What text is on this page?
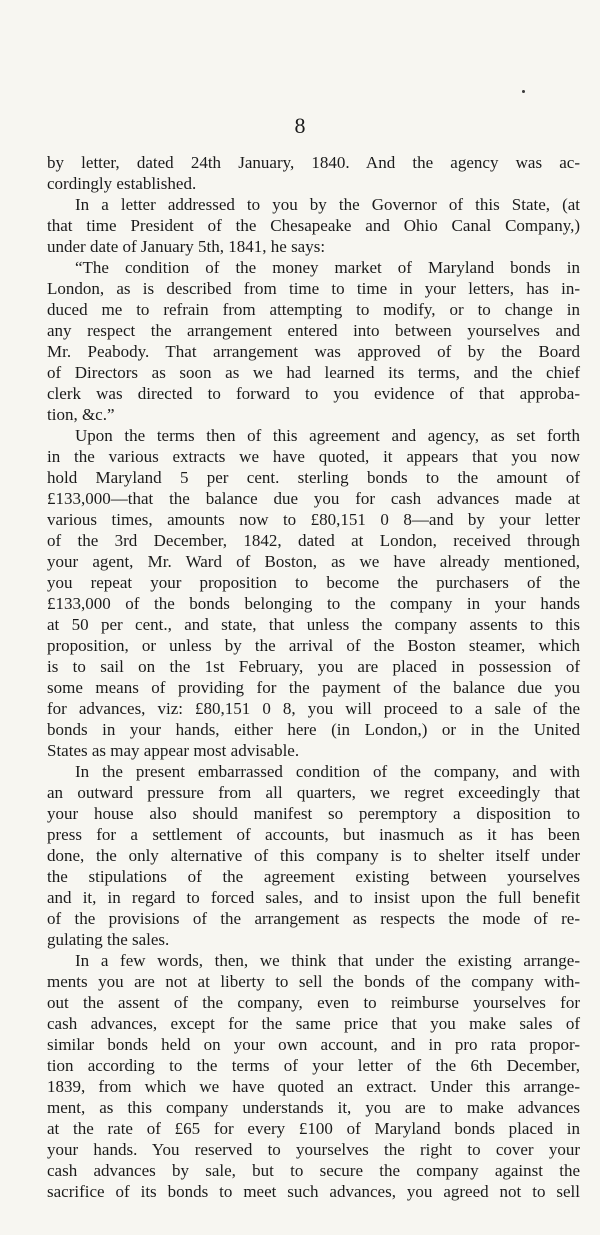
8
by letter, dated 24th January, 1840. And the agency was ac-
cordingly established.
In a letter addressed to you by the Governor of this State, (at
that time President of the Chesapeake and Ohio Canal Company,)
under date of January 5th, 1841, he says:
“The condition of the money market of Maryland bonds in
London, as is described from time to time in your letters, has in-
duced me to refrain from attempting to modify, or to change in
any respect the arrangement entered into between yourselves and
Mr. Peabody. That arrangement was approved of by the Board
of Directors as soon as we had learned its terms, and the chief
clerk was directed to forward to you evidence of that approba-
tion, &c.”
Upon the terms then of this agreement and agency, as set forth
in the various extracts we have quoted, it appears that you now
hold Maryland 5 per cent. sterling bonds to the amount of
£133,000—that the balance due you for cash advances made at
various times, amounts now to £80,151 0 8—and by your letter
of the 3rd December, 1842, dated at London, received through
your agent, Mr. Ward of Boston, as we have already mentioned,
you repeat your proposition to become the purchasers of the
£133,000 of the bonds belonging to the company in your hands
at 50 per cent., and state, that unless the company assents to this
proposition, or unless by the arrival of the Boston steamer, which
is to sail on the 1st February, you are placed in possession of
some means of providing for the payment of the balance due you
for advances, viz: £80,151 0 8, you will proceed to a sale of the
bonds in your hands, either here (in London,) or in the United
States as may appear most advisable.
In the present embarrassed condition of the company, and with
an outward pressure from all quarters, we regret exceedingly that
your house also should manifest so peremptory a disposition to
press for a settlement of accounts, but inasmuch as it has been
done, the only alternative of this company is to shelter itself under
the stipulations of the agreement existing between yourselves
and it, in regard to forced sales, and to insist upon the full benefit
of the provisions of the arrangement as respects the mode of re-
gulating the sales.
In a few words, then, we think that under the existing arrange-
ments you are not at liberty to sell the bonds of the company with-
out the assent of the company, even to reimburse yourselves for
cash advances, except for the same price that you make sales of
similar bonds held on your own account, and in pro rata propor-
tion according to the terms of your letter of the 6th December,
1839, from which we have quoted an extract. Under this arrange-
ment, as this company understands it, you are to make advances
at the rate of £65 for every £100 of Maryland bonds placed in
your hands. You reserved to yourselves the right to cover your
cash advances by sale, but to secure the company against the
sacrifice of its bonds to meet such advances, you agreed not to sell
